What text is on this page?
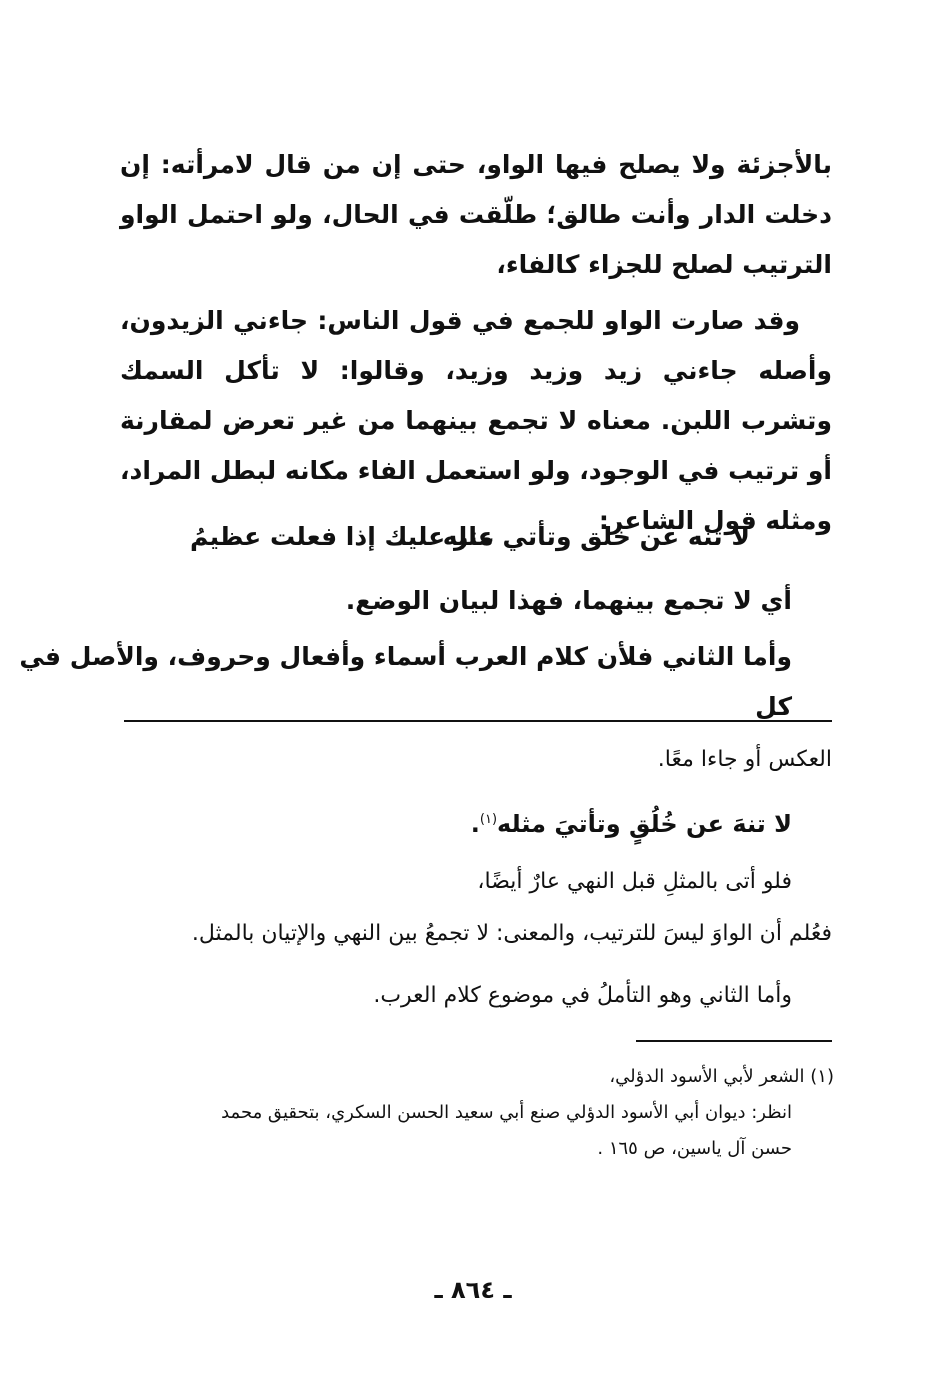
بالأجزئة ولا يصلح فيها الواو، حتى إن من قال لامرأته: إن دخلت الدار وأنت طالق؛ طلّقت في الحال، ولو احتمل الواو الترتيب لصلح للجزاء كالفاء،
وقد صارت الواو للجمع في قول الناس: جاءني الزيدون، وأصله جاءني زيد وزيد وزيد، وقالوا: لا تأكل السمك وتشرب اللبن. معناه لا تجمع بينهما من غير تعرض لمقارنة أو ترتيب في الوجود، ولو استعمل الفاء مكانه لبطل المراد، ومثله قول الشاعر:
لا تنه عن خلق وتأتي مثله
عار عليك إذا فعلت عظيمُ
أي لا تجمع بينهما، فهذا لبيان الوضع.
وأما الثاني فلأن كلام العرب أسماء وأفعال وحروف، والأصل في كل
العكس أو جاءا معًا.
لا تنهَ عن خُلُقٍ وتأتيَ مثله$^{(١)}$.
فلو أتى بالمثلِ قبل النهي عارٌ أيضًا،
فعُلم أن الواوَ ليسَ للترتيب، والمعنى: لا تجمعُ بين النهي والإتيان بالمثل.
وأما الثاني وهو التأملُ في موضوع كلام العرب.
(١) الشعر لأبي الأسود الدؤلي،
انظر: ديوان أبي الأسود الدؤلي صنع أبي سعيد الحسن السكري، بتحقيق محمد
حسن آل ياسين، ص ١٦٥ .
ـ ٨٦٤ ـ
